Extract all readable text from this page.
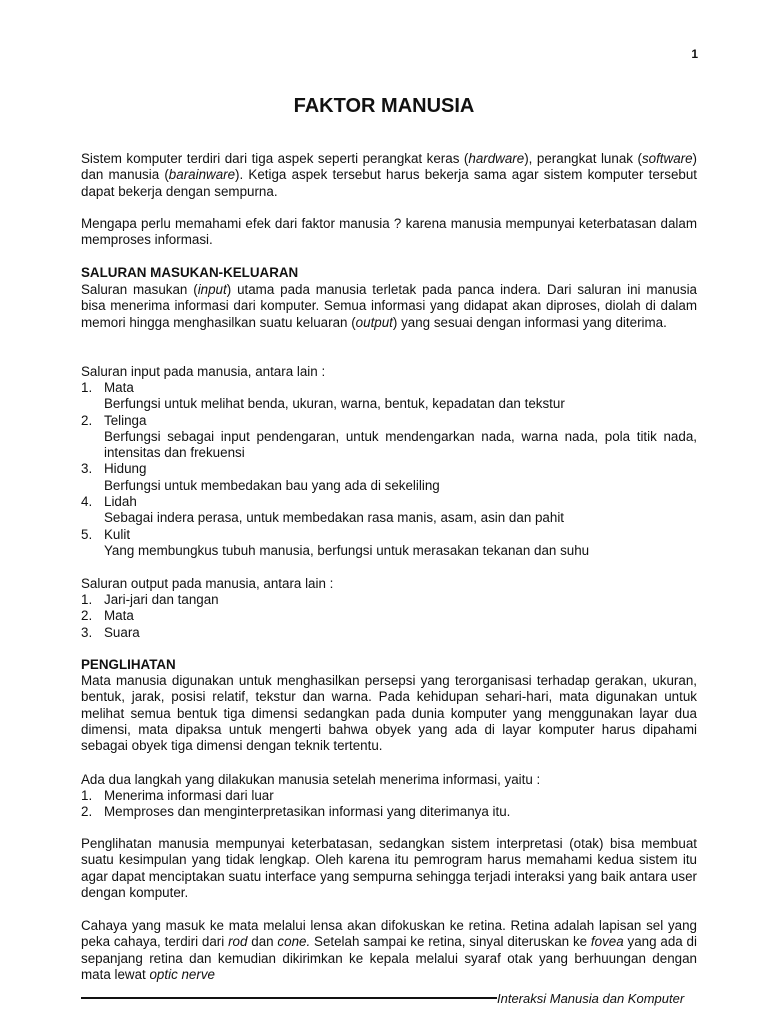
1
FAKTOR MANUSIA

Sistem komputer terdiri dari tiga aspek seperti perangkat keras (hardware), perangkat lunak (software) dan manusia (barainware). Ketiga aspek tersebut harus bekerja sama agar sistem komputer tersebut dapat bekerja dengan sempurna.

Mengapa perlu memahami efek dari faktor manusia ? karena manusia mempunyai keterbatasan dalam memproses informasi.

SALURAN MASUKAN-KELUARAN

Saluran masukan (input) utama pada manusia terletak pada panca indera. Dari saluran ini manusia bisa menerima informasi dari komputer. Semua informasi yang didapat akan diproses, diolah di dalam memori hingga menghasilkan suatu keluaran (output) yang sesuai dengan informasi yang diterima.

Saluran input pada manusia, antara lain :
1. Mata
Berfungsi untuk melihat benda, ukuran, warna, bentuk, kepadatan dan tekstur
2. Telinga
Berfungsi sebagai input pendengaran, untuk mendengarkan nada, warna nada, pola titik nada, intensitas dan frekuensi
3. Hidung
Berfungsi untuk membedakan bau yang ada di sekeliling
4. Lidah
Sebagai indera perasa, untuk membedakan rasa manis, asam, asin dan pahit
5. Kulit
Yang membungkus tubuh manusia, berfungsi untuk merasakan tekanan dan suhu
Saluran output pada manusia, antara lain :
1. Jari-jari dan tangan
2. Mata
3. Suara
PENGLIHATAN

Mata manusia digunakan untuk menghasilkan persepsi yang terorganisasi terhadap gerakan, ukuran, bentuk, jarak, posisi relatif, tekstur dan warna. Pada kehidupan sehari-hari, mata digunakan untuk melihat semua bentuk tiga dimensi sedangkan pada dunia komputer yang menggunakan layar dua dimensi, mata dipaksa untuk mengerti bahwa obyek yang ada di layar komputer harus dipahami sebagai obyek tiga dimensi dengan teknik tertentu.

Ada dua langkah yang dilakukan manusia setelah menerima informasi, yaitu :
1. Menerima informasi dari luar
2. Memproses dan menginterpretasikan informasi yang diterimanya itu.

Penglihatan manusia mempunyai keterbatasan, sedangkan sistem interpretasi (otak) bisa membuat suatu kesimpulan yang tidak lengkap. Oleh karena itu pemrogram harus memahami kedua sistem itu agar dapat menciptakan suatu interface yang sempurna sehingga terjadi interaksi yang baik antara user dengan komputer.

Cahaya yang masuk ke mata melalui lensa akan difokuskan ke retina. Retina adalah lapisan sel yang peka cahaya, terdiri dari rod dan cone. Setelah sampai ke retina, sinyal diteruskan ke fovea yang ada di sepanjang retina dan kemudian dikirimkan ke kepala melalui syaraf otak yang berhuungan dengan mata lewat optic nerve

Interaksi Manusia dan Komputer
